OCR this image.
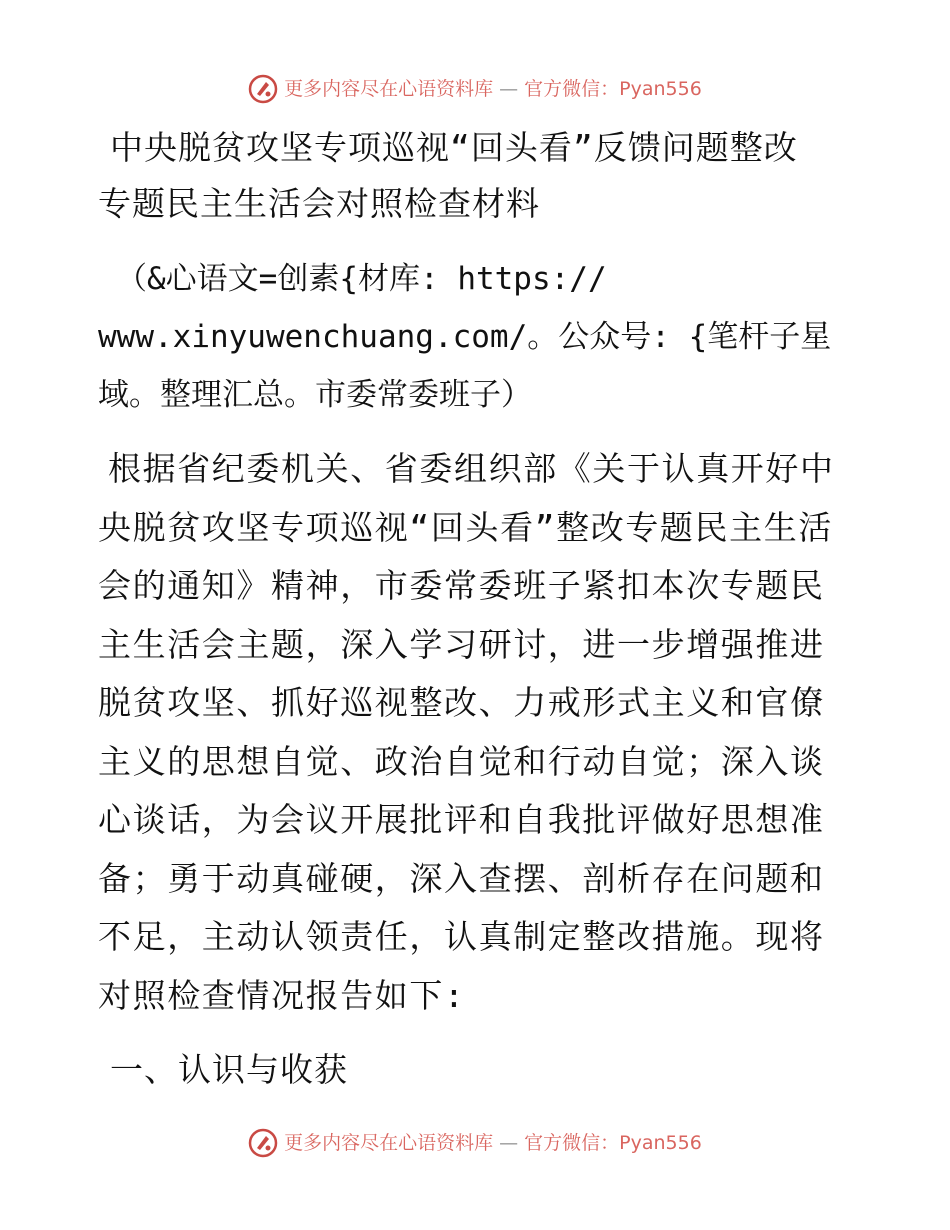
更多内容尽在心语资料库 — 官方微信：Pyan556
中央脱贫攻坚专项巡视“回头看”反馈问题整改
专题民主生活会对照检查材料

（&心语文=创素{材库: https://
www.xinyuwenchuang.com/。公众号: {笔杆子星
域。整理汇总。市委常委班子）

根据省纪委机关、省委组织部《关于认真开好中央脱贫攻坚专项巡视“回头看”整改专题民主生活会的通知》精神，市委常委班子紧扣本次专题民主生活会主题，深入学习研讨，进一步增强推进脱贫攻坚、抓好巡视整改、力戒形式主义和官僚主义的思想自觉、政治自觉和行动自觉；深入谈心谈话，为会议开展批评和自我批评做好思想准备；勇于动真碰硬，深入查摆、剖析存在问题和不足，主动认领责任，认真制定整改措施。现将对照检查情况报告如下:

一、认识与收获
更多内容尽在心语资料库 — 官方微信：Pyan556
